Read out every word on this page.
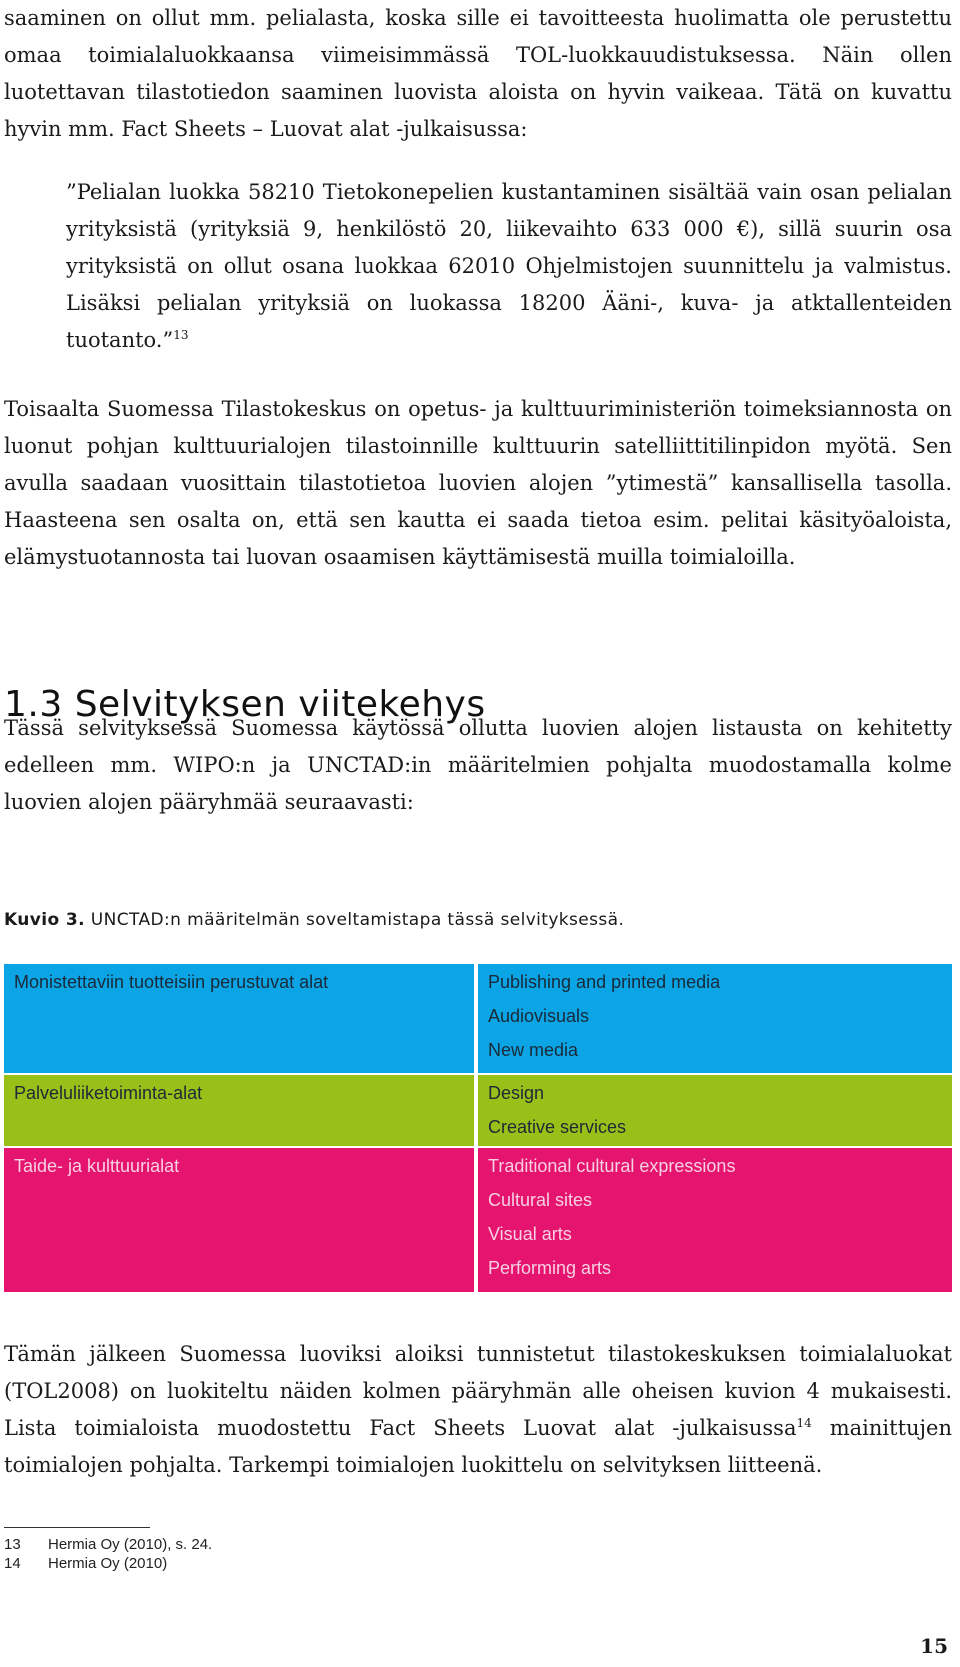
saaminen on ollut mm. pelialasta, koska sille ei tavoitteesta huolimatta ole perustettu omaa toimialaluokkaansa viimeisimmässä TOL-luokkauudistuksessa. Näin ollen luotettavan tilastotiedon saaminen luovista aloista on hyvin vaikeaa. Tätä on kuvattu hyvin mm. Fact Sheets – Luovat alat -julkaisussa:

”Pelialan luokka 58210 Tietokonepelien kustantaminen sisältää vain osan pelialan yrityksistä (yrityksiä 9, henkilöstö 20, liikevaihto 633 000 €), sillä suurin osa yrityksistä on ollut osana luokkaa 62010 Ohjelmistojen suunnittelu ja valmistus. Lisäksi pelialan yrityksiä on luokassa 18200 Ääni-, kuva- ja atktallenteiden tuotanto.”$^{13}$

Toisaalta Suomessa Tilastokeskus on opetus- ja kulttuuriministeriön toimeksiannosta on luonut pohjan kulttuurialojen tilastoinnille kulttuurin satelliittitilinpidon myötä. Sen avulla saadaan vuosittain tilastotietoa luovien alojen ”ytimestä” kansallisella tasolla. Haasteena sen osalta on, että sen kautta ei saada tietoa esim. pelitai käsityöaloista, elämystuotannosta tai luovan osaamisen käyttämisestä muilla toimialoilla.

1.3 Selvityksen viitekehys

Tässä selvityksessä Suomessa käytössä ollutta luovien alojen listausta on kehitetty edelleen mm. WIPO:n ja UNCTAD:in määritelmien pohjalta muodostamalla kolme luovien alojen pääryhmää seuraavasti:

Kuvio 3. UNCTAD:n määritelmän soveltamistapa tässä selvityksessä.

Monistettaviin tuotteisiin perustuvat alat	Publishing and printed media
Audiovisuals
New media
Palveluliiketoiminta-alat	Design
Creative services
Taide- ja kulttuurialat	Traditional cultural expressions
Cultural sites
Visual arts
Performing arts

Tämän jälkeen Suomessa luoviksi aloiksi tunnistetut tilastokeskuksen toimialaluokat (TOL2008) on luokiteltu näiden kolmen pääryhmän alle oheisen kuvion 4 mukaisesti. Lista toimialoista muodostettu Fact Sheets Luovat alat -julkaisussa$^{14}$ mainittujen toimialojen pohjalta. Tarkempi toimialojen luokittelu on selvityksen liitteenä.

13 Hermia Oy (2010), s. 24.
14 Hermia Oy (2010)
15
